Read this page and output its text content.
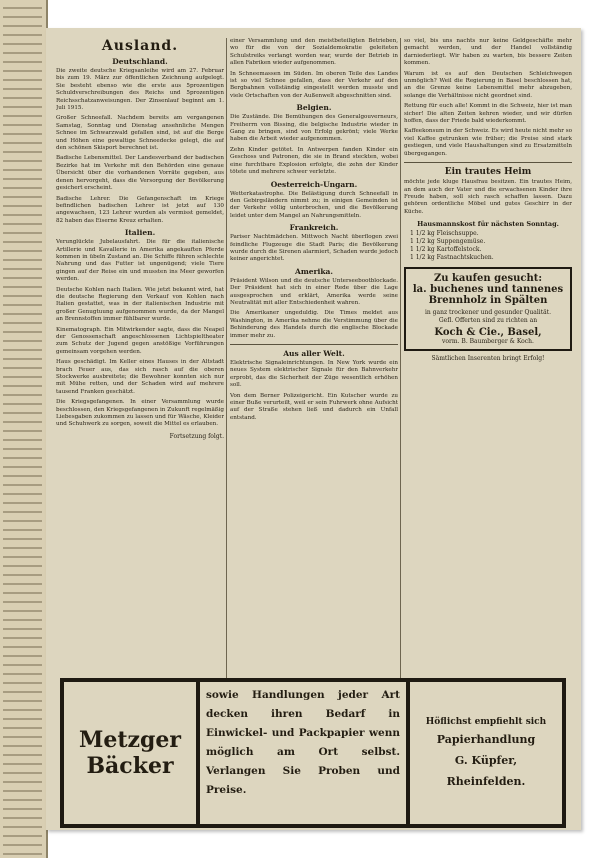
Ausland.
Deutschland.

Die zweite deutsche Kriegsanleihe wird am 27. Februar bis zum 19. März zur öffentlichen Zeichnung aufgelegt. Sie besteht ebenso wie die erste aus 5prozentigen Schuldverschreibungen des Reichs und 5prozentigen Reichsschatzanweisungen. Der Zinsenlauf beginnt am 1. Juli 1915.

Großer Schneefall. Nachdem bereits am vergangenen Samstag, Sonntag und Dienstag ansehnliche Mengen Schnee im Schwarzwald gefallen sind, ist auf die Berge und Höhen eine gewaltige Schneedecke gelegt, die auf den schönen Skisport berechnet ist.

Badische Lebensmittel. Der Landesverband der badischen Bezirke hat im Verkehr mit den Behörden eine genaue Übersicht über die vorhandenen Vorräte gegeben, aus denen hervorgeht, dass die Versorgung der Bevölkerung gesichert erscheint.

Badische Lehrer. Die Gefangenschaft im Kriege befindlichen badischen Lehrer ist jetzt auf 130 angewachsen, 123 Lehrer wurden als vermisst gemeldet, 82 haben das Eiserne Kreuz erhalten.

Italien.

Verunglückte Jubelausfahrt. Die für die italienische Artillerie und Kavallerie in Amerika angekauften Pferde kommen in übeln Zustand an. Die Schiffe führen schlechte Nahrung und das Futter ist ungenügend; viele Tiere gingen auf der Reise ein und mussten ins Meer geworfen werden.

Deutsche Kohlen nach Italien. Wie jetzt bekannt wird, hat die deutsche Regierung den Verkauf von Kohlen nach Italien gestattet, was in der italienischen Industrie mit großer Genugtuung aufgenommen wurde, da der Mangel an Brennstoffen immer fühlbarer wurde.

Kinematograph. Ein Mitwirkender sagte, dass die Neapel der Genossenschaft angeschlossenen Lichtspieltheater zum Schutz der Jugend gegen anstößige Vorführungen gemeinsam vorgehen werden.

Haus geschädigt. Im Keller eines Hauses in der Altstadt brach Feuer aus, das sich rasch auf die oberen Stockwerke ausbreitete; die Bewohner konnten sich nur mit Mühe retten, und der Schaden wird auf mehrere tausend Franken geschätzt.

Die Kriegsgefangenen. In einer Versammlung wurde beschlossen, den Kriegsgefangenen in Zukunft regelmäßig Liebesgaben zukommen zu lassen und für Wäsche, Kleider und Schuhwerk zu sorgen, soweit die Mittel es erlauben.

Fortsetzung folgt.

einer Versammlung und den meistbeteiligten Betrieben, wo für die von der Sozialdemokratie geleiteten Schulstreiks verlangt worden war, wurde der Betrieb in allen Fabriken wieder aufgenommen.

In Schneemassen im Süden. Im oberen Teile des Landes ist so viel Schnee gefallen, dass der Verkehr auf den Bergbahnen vollständig eingestellt werden musste und viele Ortschaften von der Außenwelt abgeschnitten sind.

Belgien.

Die Zustände. Die Bemühungen des Generalgouverneurs, Freiherrn von Bissing, die belgische Industrie wieder in Gang zu bringen, sind von Erfolg gekrönt; viele Werke haben die Arbeit wieder aufgenommen.

Zehn Kinder getötet. In Antwerpen fanden Kinder ein Geschoss und Patronen, die sie in Brand steckten, wobei eine furchtbare Explosion erfolgte, die zehn der Kinder tötete und mehrere schwer verletzte.

Oesterreich-Ungarn.

Wetterkatastrophe. Die Belästigung durch Schneefall in den Gebirgsländern nimmt zu; in einigen Gemeinden ist der Verkehr völlig unterbrochen, und die Bevölkerung leidet unter dem Mangel an Nahrungsmitteln.

Frankreich.

Pariser Nachtmädchen. Mittwoch Nacht überflogen zwei feindliche Flugzeuge die Stadt Paris; die Bevölkerung wurde durch die Sirenen alarmiert, Schaden wurde jedoch keiner angerichtet.

Amerika.

Präsident Wilson und die deutsche Unterseebootblockade. Der Präsident hat sich in einer Rede über die Lage ausgesprochen und erklärt, Amerika werde seine Neutralität mit aller Entschiedenheit wahren.

Die Amerikaner ungeduldig. Die Times meldet aus Washington, in Amerika nehme die Verstimmung über die Behinderung des Handels durch die englische Blockade immer mehr zu.

Aus aller Welt.

Elektrische Signaleinrichtungen. In New York wurde ein neues System elektrischer Signale für den Bahnverkehr erprobt, das die Sicherheit der Züge wesentlich erhöhen soll.

Von dem Berner Polizeigericht. Ein Kutscher wurde zu einer Buße verurteilt, weil er sein Fuhrwerk ohne Aufsicht auf der Straße stehen ließ und dadurch ein Unfall entstand.

so viel, bis uns nachts nur keine Geldgeschäfte mehr gemacht werden, und der Handel vollständig darniederliegt. Wir haben zu warten, bis bessere Zeiten kommen.

Warum ist es auf den Deutschen Schleichwegen unmöglich? Weil die Regierung in Basel beschlossen hat, an die Grenze keine Lebensmittel mehr abzugeben, solange die Verhältnisse nicht geordnet sind.

Rettung für euch alle! Kommt in die Schweiz, hier ist man sicher! Die alten Zeiten kehren wieder, und wir dürfen hoffen, dass der Friede bald wiederkommt.

Kaffeekonsum in der Schweiz. Es wird heute nicht mehr so viel Kaffee getrunken wie früher; die Preise sind stark gestiegen, und viele Haushaltungen sind zu Ersatzmitteln übergegangen.

Ein trautes Heim

möchte jede kluge Hausfrau besitzen. Ein trautes Heim, an dem auch der Vater und die erwachsenen Kinder ihre Freude haben, soll sich rasch schaffen lassen. Dazu gehören ordentliche Möbel und gutes Geschirr in der Küche.

Hausmannskost für nächsten Sonntag.
1 1/2 kg Fleischsuppe.
1 1/2 kg Suppengemüse.
1 1/2 kg Kartoffelstock.
1 1/2 kg Fastnachtskuchen.
Zu kaufen gesucht:
la. buchenes und tannenes Brennholz in Spälten
in ganz trockener und gesunder Qualität.
Gefl. Offerten sind zu richten an
Koch & Cie., Basel,
vorm. B. Baumberger & Koch.
Sämtlichen Inserenten bringt Erfolg!
Metzger
Bäcker

sowie Handlungen jeder Art decken ihren Bedarf in Einwickel- und Packpapier wenn möglich am Ort selbst. Verlangen Sie Proben und Preise.

Höflichst empfiehlt sich
Papierhandlung
G. Küpfer,
Rheinfelden.
